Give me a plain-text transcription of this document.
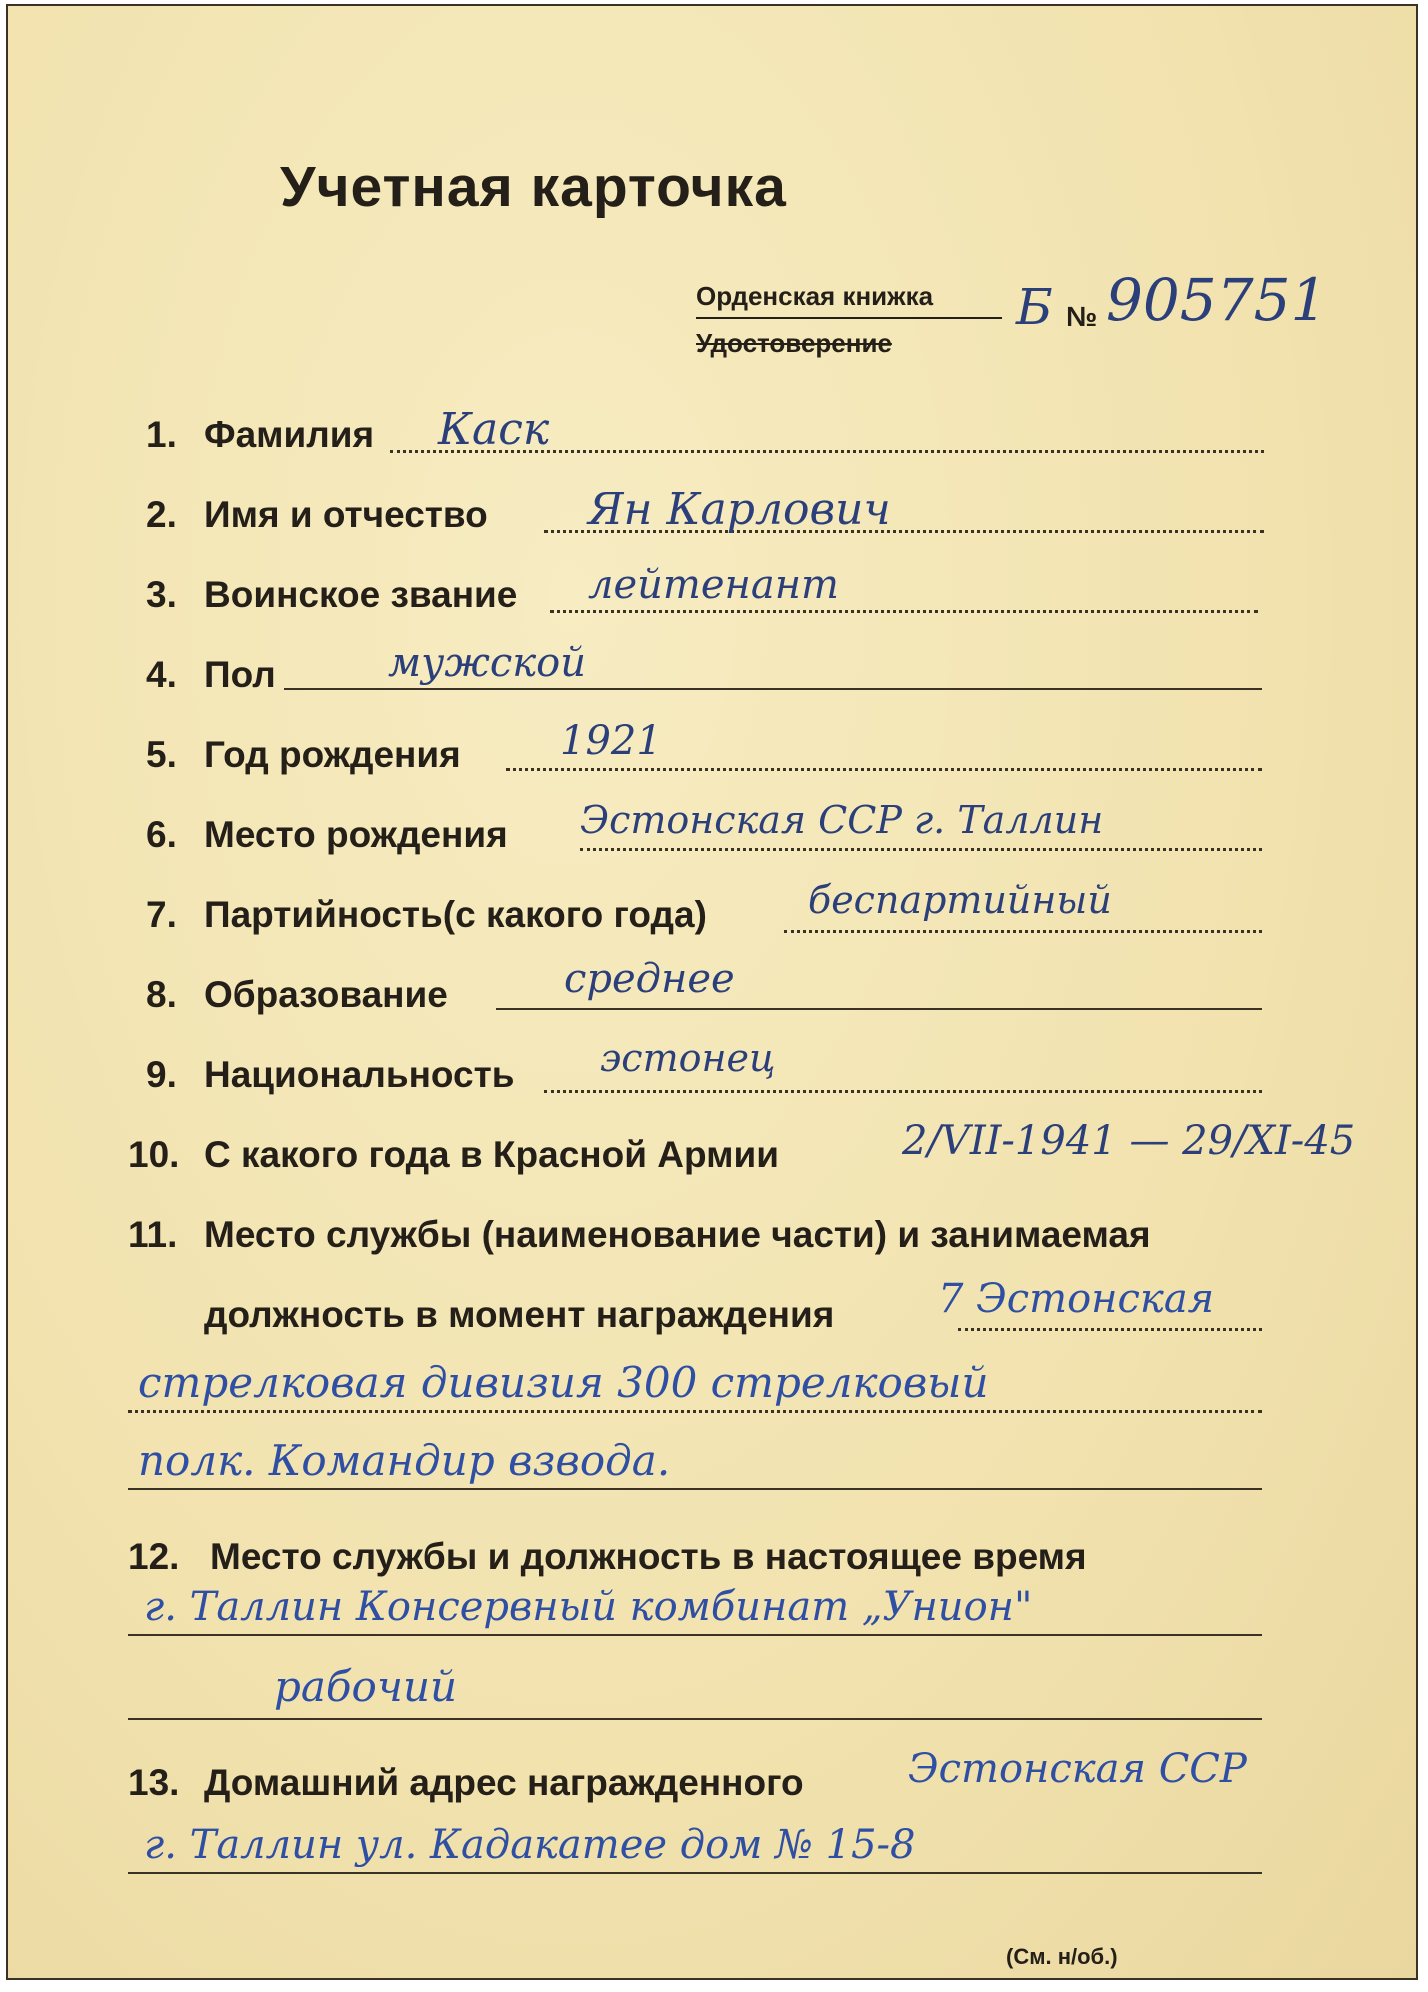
Учетная карточка
Орденская книжка
Удостоверение
Б № 905751
1. Фамилия Каск
2. Имя и отчество Ян Карлович
3. Воинское звание лейтенант
4. Пол	мужской
5. Год рождения 1921
6. Место рождения Эстонская ССР г. Таллин
7. Партийность(с какого года)	беспартийный
8. Образование	среднее
9. Национальность эстонец
10. С какого года в Красной Армии	2/VII-1941 — 29/XI-45
11. Место службы (наименование части) и занимаемая
должность в момент награждения	7 Эстонская
стрелковая дивизия 300 стрелковый
полк. Командир взвода.
12. Место службы и должность в настоящее время
г. Таллин Консервный комбинат „Унион"
рабочий
13. Домашний адрес награжденного	Эстонская ССР
г. Таллин ул. Кадакатее дом № 15-8
(См. н/об.)
